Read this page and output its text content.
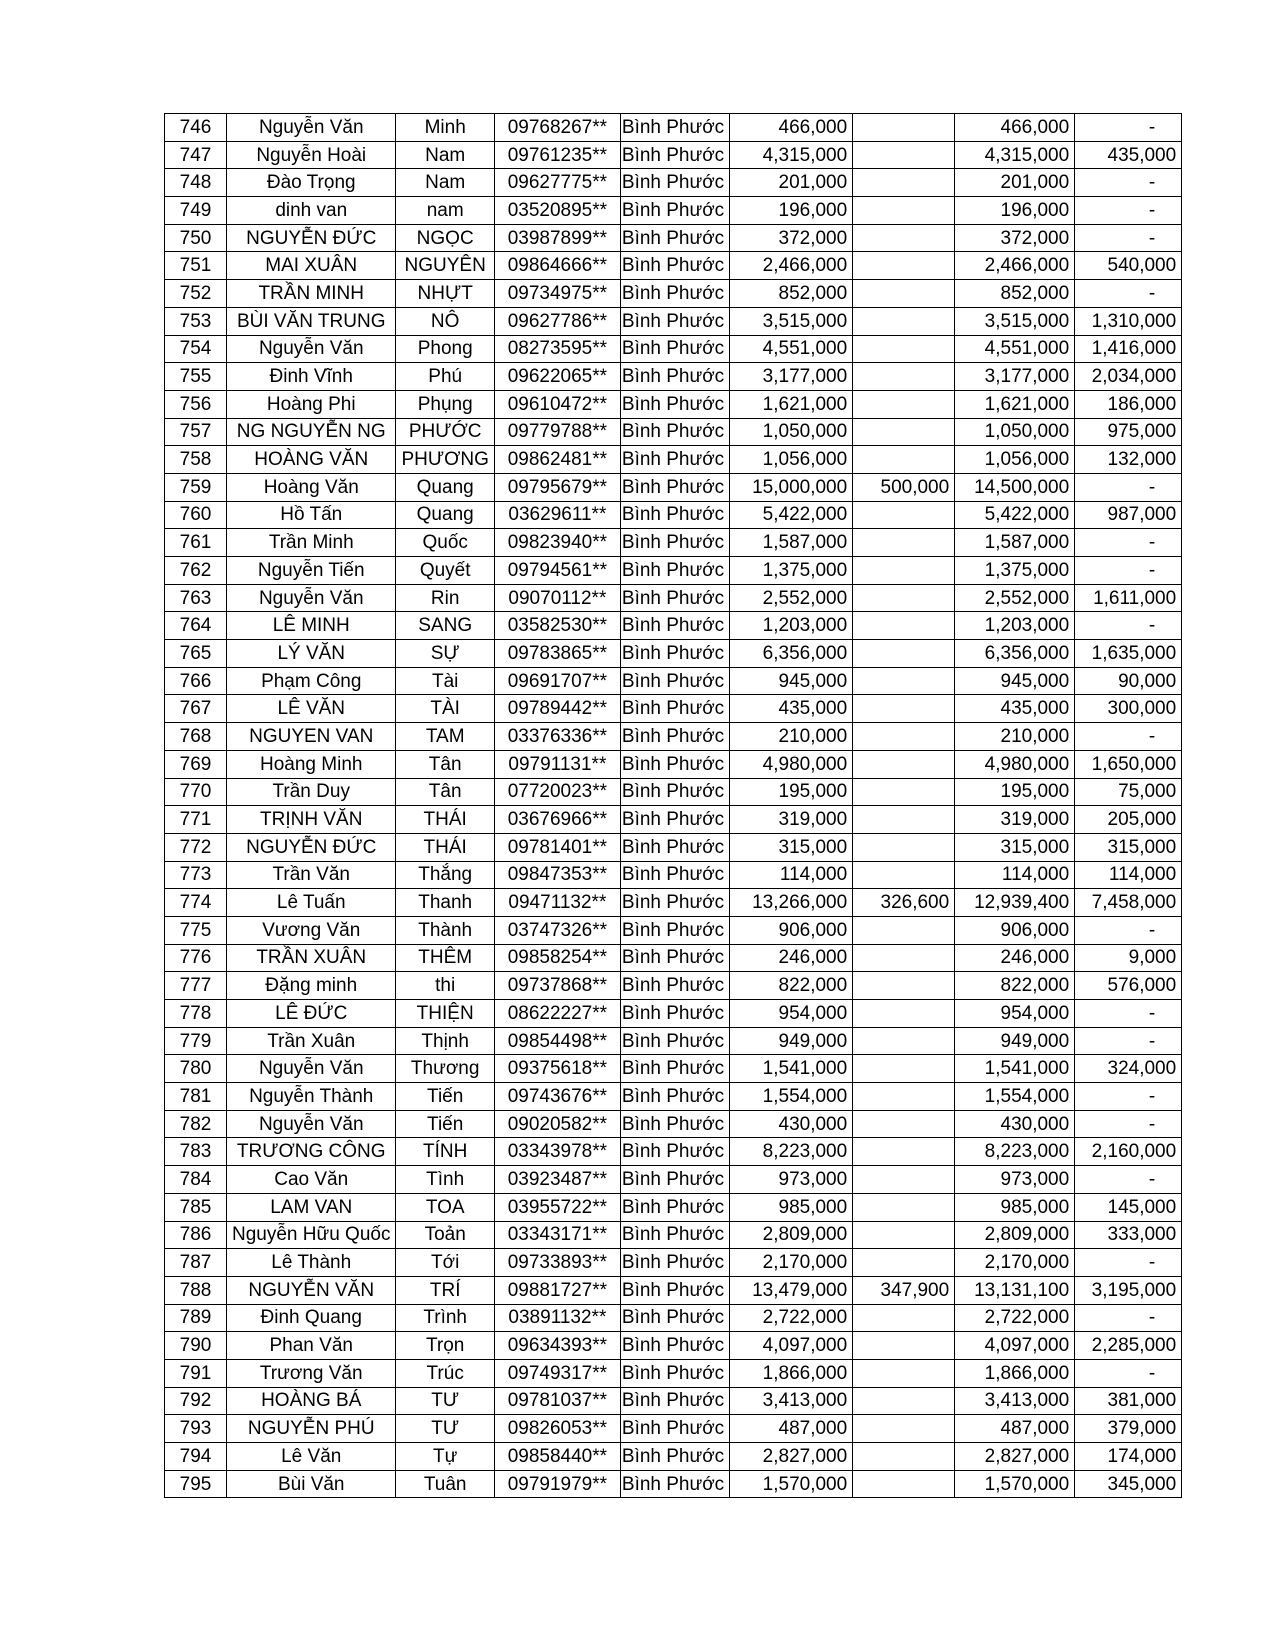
746	Nguyễn Văn	Minh	09768267**	Bình Phước	466,000		466,000	-
747	Nguyễn Hoài	Nam	09761235**	Bình Phước	4,315,000		4,315,000	435,000
748	Đào Trọng	Nam	09627775**	Bình Phước	201,000		201,000	-
749	dinh van	nam	03520895**	Bình Phước	196,000		196,000	-
750	NGUYỄN ĐỨC	NGỌC	03987899**	Bình Phước	372,000		372,000	-
751	MAI XUÂN	NGUYÊN	09864666**	Bình Phước	2,466,000		2,466,000	540,000
752	TRẦN MINH	NHỰT	09734975**	Bình Phước	852,000		852,000	-
753	BÙI VĂN TRUNG	NÔ	09627786**	Bình Phước	3,515,000		3,515,000	1,310,000
754	Nguyễn Văn	Phong	08273595**	Bình Phước	4,551,000		4,551,000	1,416,000
755	Đinh Vĩnh	Phú	09622065**	Bình Phước	3,177,000		3,177,000	2,034,000
756	Hoàng Phi	Phụng	09610472**	Bình Phước	1,621,000		1,621,000	186,000
757	NG NGUYỄN NG	PHƯỚC	09779788**	Bình Phước	1,050,000		1,050,000	975,000
758	HOÀNG VĂN	PHƯƠNG	09862481**	Bình Phước	1,056,000		1,056,000	132,000
759	Hoàng Văn	Quang	09795679**	Bình Phước	15,000,000	500,000	14,500,000	-
760	Hồ Tấn	Quang	03629611**	Bình Phước	5,422,000		5,422,000	987,000
761	Trần Minh	Quốc	09823940**	Bình Phước	1,587,000		1,587,000	-
762	Nguyễn Tiến	Quyết	09794561**	Bình Phước	1,375,000		1,375,000	-
763	Nguyễn Văn	Rin	09070112**	Bình Phước	2,552,000		2,552,000	1,611,000
764	LÊ MINH	SANG	03582530**	Bình Phước	1,203,000		1,203,000	-
765	LÝ VĂN	SỰ	09783865**	Bình Phước	6,356,000		6,356,000	1,635,000
766	Phạm Công	Tài	09691707**	Bình Phước	945,000		945,000	90,000
767	LÊ VĂN	TÀI	09789442**	Bình Phước	435,000		435,000	300,000
768	NGUYEN VAN	TAM	03376336**	Bình Phước	210,000		210,000	-
769	Hoàng Minh	Tân	09791131**	Bình Phước	4,980,000		4,980,000	1,650,000
770	Trần Duy	Tân	07720023**	Bình Phước	195,000		195,000	75,000
771	TRỊNH VĂN	THÁI	03676966**	Bình Phước	319,000		319,000	205,000
772	NGUYỄN ĐỨC	THÁI	09781401**	Bình Phước	315,000		315,000	315,000
773	Trần Văn	Thắng	09847353**	Bình Phước	114,000		114,000	114,000
774	Lê Tuấn	Thanh	09471132**	Bình Phước	13,266,000	326,600	12,939,400	7,458,000
775	Vương Văn	Thành	03747326**	Bình Phước	906,000		906,000	-
776	TRẦN XUÂN	THÊM	09858254**	Bình Phước	246,000		246,000	9,000
777	Đặng minh	thi	09737868**	Bình Phước	822,000		822,000	576,000
778	LÊ ĐỨC	THIỆN	08622227**	Bình Phước	954,000		954,000	-
779	Trần Xuân	Thịnh	09854498**	Bình Phước	949,000		949,000	-
780	Nguyễn Văn	Thương	09375618**	Bình Phước	1,541,000		1,541,000	324,000
781	Nguyễn Thành	Tiến	09743676**	Bình Phước	1,554,000		1,554,000	-
782	Nguyễn Văn	Tiến	09020582**	Bình Phước	430,000		430,000	-
783	TRƯƠNG CÔNG	TÍNH	03343978**	Bình Phước	8,223,000		8,223,000	2,160,000
784	Cao Văn	Tình	03923487**	Bình Phước	973,000		973,000	-
785	LAM VAN	TOA	03955722**	Bình Phước	985,000		985,000	145,000
786	Nguyễn Hữu Quốc	Toản	03343171**	Bình Phước	2,809,000		2,809,000	333,000
787	Lê Thành	Tới	09733893**	Bình Phước	2,170,000		2,170,000	-
788	NGUYỄN VĂN	TRÍ	09881727**	Bình Phước	13,479,000	347,900	13,131,100	3,195,000
789	Đinh Quang	Trình	03891132**	Bình Phước	2,722,000		2,722,000	-
790	Phan Văn	Trọn	09634393**	Bình Phước	4,097,000		4,097,000	2,285,000
791	Trương Văn	Trúc	09749317**	Bình Phước	1,866,000		1,866,000	-
792	HOÀNG BÁ	TƯ	09781037**	Bình Phước	3,413,000		3,413,000	381,000
793	NGUYỄN PHÚ	TƯ	09826053**	Bình Phước	487,000		487,000	379,000
794	Lê Văn	Tự	09858440**	Bình Phước	2,827,000		2,827,000	174,000
795	Bùi Văn	Tuân	09791979**	Bình Phước	1,570,000		1,570,000	345,000
